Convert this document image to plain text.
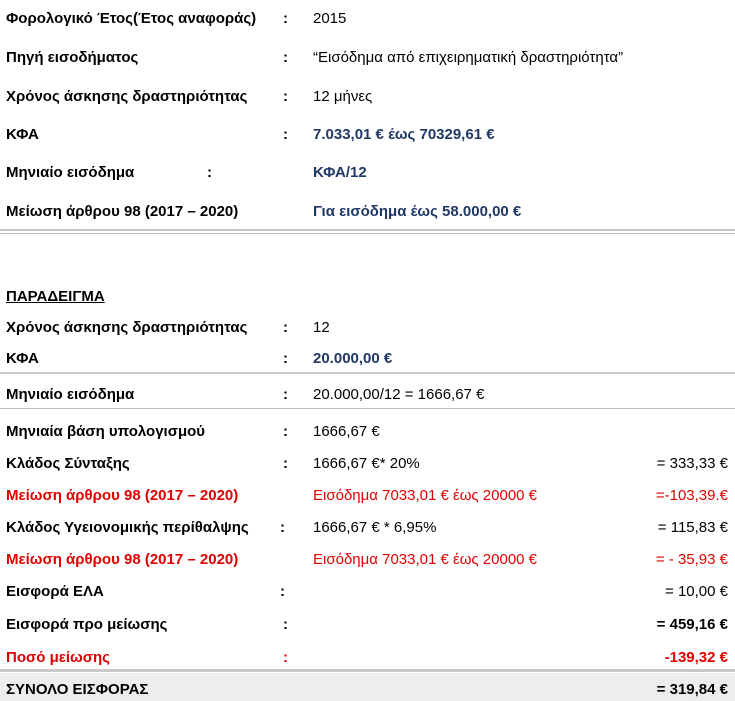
Φορολογικό Έτος(Έτος αναφοράς) : 2015
Πηγή εισοδήματος	: “Εισόδημα από επιχειρηματική δραστηριότητα”
Χρόνος άσκησης δραστηριότητας : 12 μήνες
ΚΦΑ	: 7.033,01 € έως 70329,61 €
Μηνιαίο εισόδημα	:	ΚΦΑ/12
Μείωση άρθρου 98 (2017 – 2020)	Για εισόδημα έως 58.000,00 €
ΠΑΡΑΔΕΙΓΜΑ
Χρόνος άσκησης δραστηριότητας : 12
ΚΦΑ	: 20.000,00 €
Μηνιαίο εισόδημα	: 20.000,00/12 = 1666,67 €
Μηνιαία βάση υπολογισμού	: 1666,67 €
Κλάδος Σύνταξης	: 1666,67 €* 20%	= 333,33 €
Μείωση άρθρου 98 (2017 – 2020)	Εισόδημα 7033,01 € έως 20000 €	=-103,39.€
Κλάδος Υγειονομικής περίθαλψης : 1666,67 € * 6,95%	= 115,83 €
Μείωση άρθρου 98 (2017 – 2020)	Εισόδημα 7033,01 € έως 20000 €	= - 35,93 €
Εισφορά ΕΛΑ	:	= 10,00 €
Εισφορά προ μείωσης	:	= 459,16 €
Ποσό μείωσης	:	-139,32 €
ΣΥΝΟΛΟ ΕΙΣΦΟΡΑΣ	= 319,84 €
